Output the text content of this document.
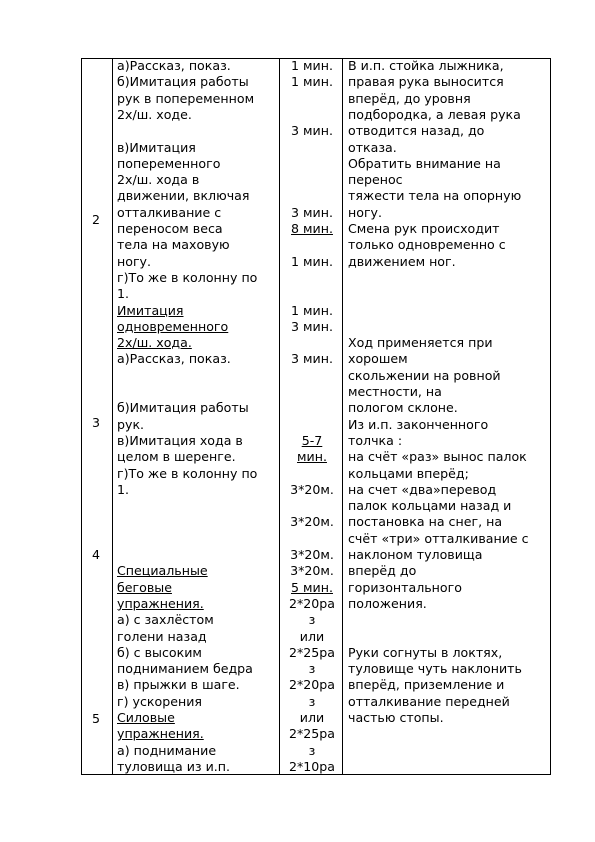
2
3
4
5
а)Рассказ, показ.
б)Имитация работы
рук в попеременном
2х/ш. ходе.
в)Имитация
попеременного
2х/ш. хода в
движении, включая
отталкивание с
переносом веса
тела на маховую
ногу.
г)То же в колонну по
1.
Имитация
одновременного
2х/ш. хода.
а)Рассказ, показ.
б)Имитация работы
рук.
в)Имитация хода в
целом в шеренге.
г)То же в колонну по
1.
Специальные
беговые
упражнения.
а) с захлёстом
голени назад
б) с высоким
подниманием бедра
в) прыжки в шаге.
г) ускорения
Силовые
упражнения.
а) поднимание
туловища из и.п.
1 мин.
1 мин.
3 мин.
3 мин.
8 мин.
1 мин.
1 мин.
3 мин.
3 мин.
5-7
мин.
3*20м.
3*20м.
3*20м.
3*20м.
5 мин.
2*20ра
з
или
2*25ра
з
2*20ра
з
или
2*25ра
з
2*10ра
В и.п. стойка лыжника,
правая рука выносится
вперёд, до уровня
подбородка, а левая рука
отводится назад, до
отказа.
Обратить внимание на
перенос
тяжести тела на опорную
ногу.
Смена рук происходит
только одновременно с
движением ног.
Ход применяется при
хорошем
скольжении на ровной
местности, на
пологом склоне.
Из и.п. законченного
толчка :
на счёт «раз» вынос палок
кольцами вперёд;
на счет «два»перевод
палок кольцами назад и
постановка на снег, на
счёт «три» отталкивание с
наклоном туловища
вперёд до
горизонтального
положения.
Руки согнуты в локтях,
туловище чуть наклонить
вперёд, приземление и
отталкивание передней
частью стопы.
